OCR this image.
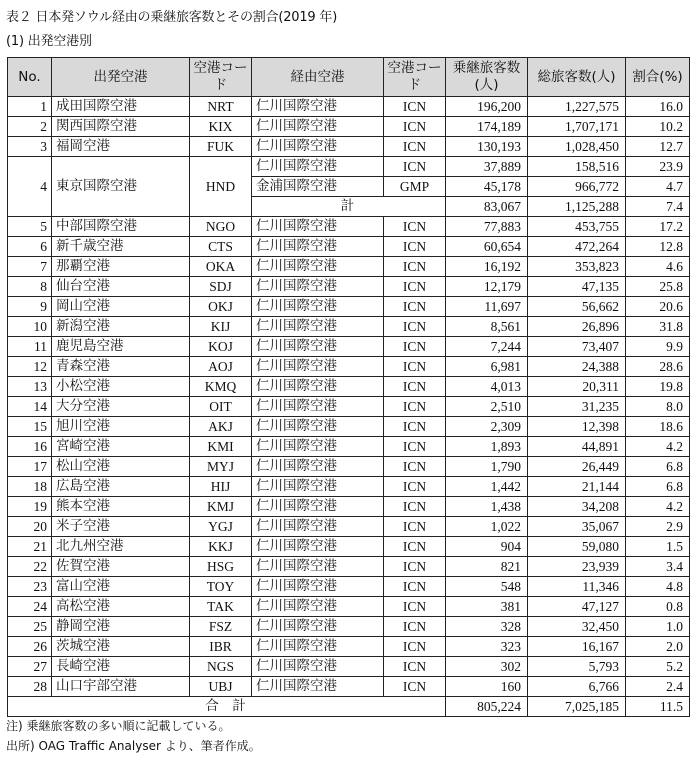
表２ 日本発ソウル経由の乗継旅客数とその割合(2019 年)
(1) 出発空港別
No.	出発空港	空港コード	経由空港	空港コード	乗継旅客数(人)	総旅客数(人)	割合(%)
1	成田国際空港	NRT	仁川国際空港	ICN	196,200	1,227,575	16.0
2	関西国際空港	KIX	仁川国際空港	ICN	174,189	1,707,171	10.2
3	福岡空港	FUK	仁川国際空港	ICN	130,193	1,028,450	12.7
4	東京国際空港	HND	仁川国際空港	ICN	37,889	158,516	23.9
			金浦国際空港	GMP	45,178	966,772	4.7
			計		83,067	1,125,288	7.4
5	中部国際空港	NGO	仁川国際空港	ICN	77,883	453,755	17.2
6	新千歳空港	CTS	仁川国際空港	ICN	60,654	472,264	12.8
7	那覇空港	OKA	仁川国際空港	ICN	16,192	353,823	4.6
8	仙台空港	SDJ	仁川国際空港	ICN	12,179	47,135	25.8
9	岡山空港	OKJ	仁川国際空港	ICN	11,697	56,662	20.6
10	新潟空港	KIJ	仁川国際空港	ICN	8,561	26,896	31.8
11	鹿児島空港	KOJ	仁川国際空港	ICN	7,244	73,407	9.9
12	青森空港	AOJ	仁川国際空港	ICN	6,981	24,388	28.6
13	小松空港	KMQ	仁川国際空港	ICN	4,013	20,311	19.8
14	大分空港	OIT	仁川国際空港	ICN	2,510	31,235	8.0
15	旭川空港	AKJ	仁川国際空港	ICN	2,309	12,398	18.6
16	宮崎空港	KMI	仁川国際空港	ICN	1,893	44,891	4.2
17	松山空港	MYJ	仁川国際空港	ICN	1,790	26,449	6.8
18	広島空港	HIJ	仁川国際空港	ICN	1,442	21,144	6.8
19	熊本空港	KMJ	仁川国際空港	ICN	1,438	34,208	4.2
20	米子空港	YGJ	仁川国際空港	ICN	1,022	35,067	2.9
21	北九州空港	KKJ	仁川国際空港	ICN	904	59,080	1.5
22	佐賀空港	HSG	仁川国際空港	ICN	821	23,939	3.4
23	富山空港	TOY	仁川国際空港	ICN	548	11,346	4.8
24	高松空港	TAK	仁川国際空港	ICN	381	47,127	0.8
25	静岡空港	FSZ	仁川国際空港	ICN	328	32,450	1.0
26	茨城空港	IBR	仁川国際空港	ICN	323	16,167	2.0
27	長崎空港	NGS	仁川国際空港	ICN	302	5,793	5.2
28	山口宇部空港	UBJ	仁川国際空港	ICN	160	6,766	2.4
合　計					805,224	7,025,185	11.5
注) 乗継旅客数の多い順に記載している。
出所) OAG Traffic Analyser より、筆者作成。
